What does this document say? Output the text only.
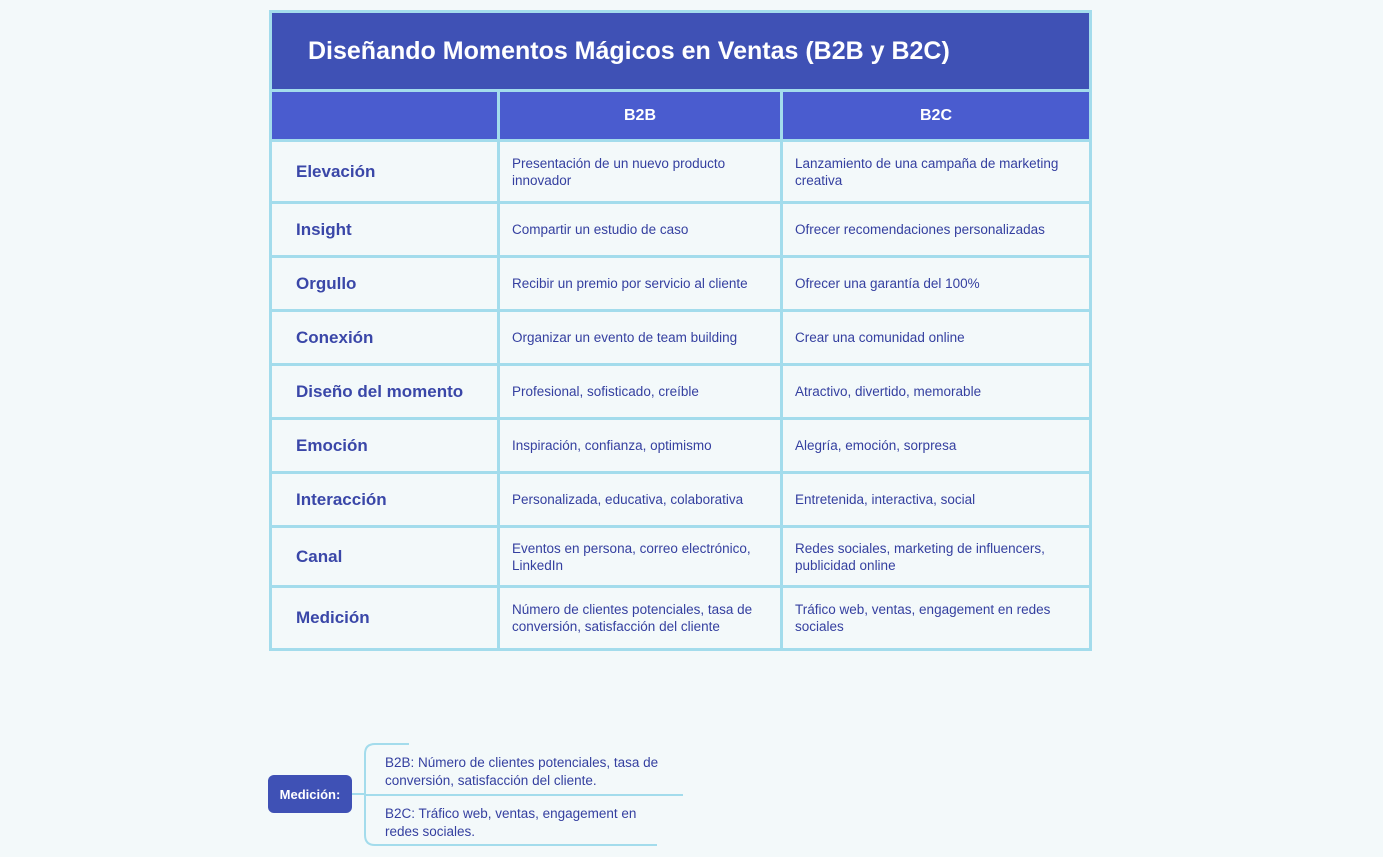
Diseñando Momentos Mágicos en Ventas (B2B y B2C)		
	B2B	B2C
Elevación	Presentación de un nuevo producto innovador	Lanzamiento de una campaña de marketing creativa
Insight	Compartir un estudio de caso	Ofrecer recomendaciones personalizadas
Orgullo	Recibir un premio por servicio al cliente	Ofrecer una garantía del 100%
Conexión	Organizar un evento de team building	Crear una comunidad online
Diseño del momento	Profesional, sofisticado, creíble	Atractivo, divertido, memorable
Emoción	Inspiración, confianza, optimismo	Alegría, emoción, sorpresa
Interacción	Personalizada, educativa, colaborativa	Entretenida, interactiva, social
Canal	Eventos en persona, correo electrónico, LinkedIn	Redes sociales, marketing de influencers, publicidad online
Medición	Número de clientes potenciales, tasa de conversión, satisfacción del cliente	Tráfico web, ventas, engagement en redes sociales
Medición:
B2B: Número de clientes potenciales, tasa de conversión, satisfacción del cliente.
B2C: Tráfico web, ventas, engagement en redes sociales.
